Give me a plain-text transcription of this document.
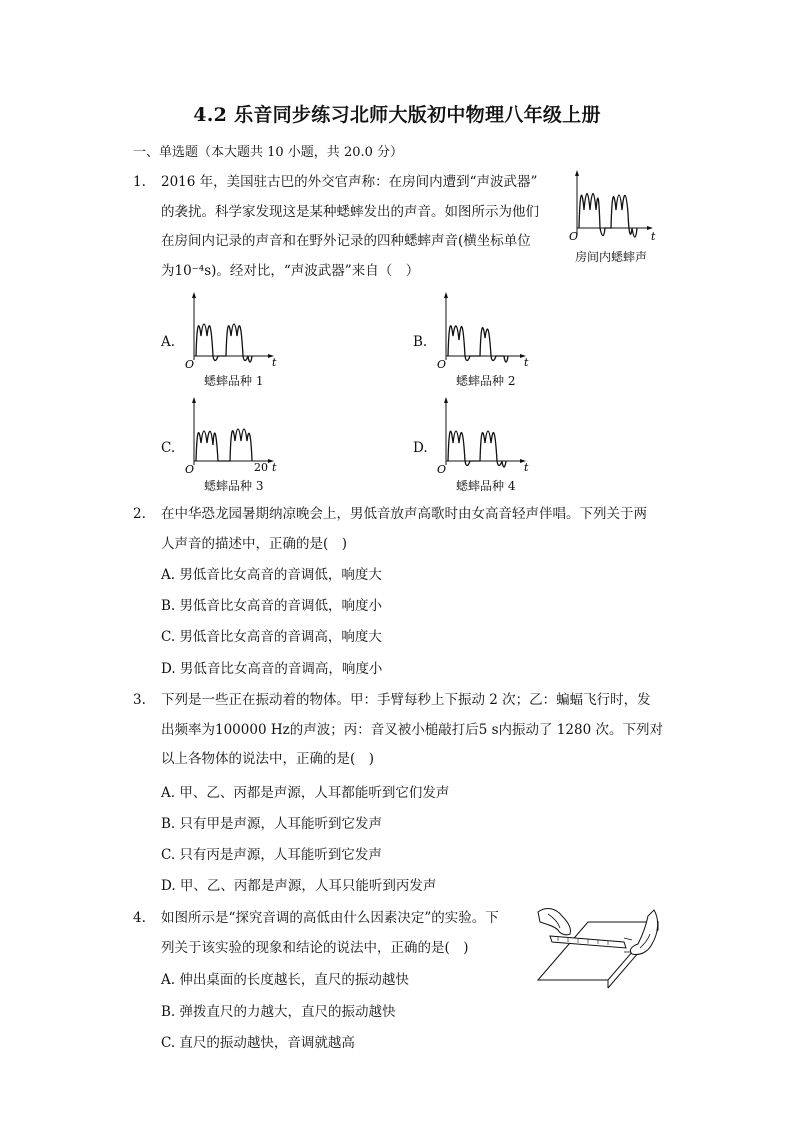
4.2 乐音同步练习北师大版初中物理八年级上册
一、单选题（本大题共 10 小题，共 20.0 分）
1.	2016 年，美国驻古巴的外交官声称：在房间内遭到“声波武器”
的袭扰。科学家发现这是某种蟋蟀发出的声音。如图所示为他们
在房间内记录的声音和在野外记录的四种蟋蟀声音(横坐标单位
为10⁻⁴s)。经对比，“声波武器”来自（　）
O	t
房间内蟋蟀声
A.
O	t
蟋蟀品种 1
B.
O	t
蟋蟀品种 2
C.
O	20 t
蟋蟀品种 3
D.
O	t
蟋蟀品种 4
2.	在中华恐龙园暑期纳凉晚会上，男低音放声高歌时由女高音轻声伴唱。下列关于两
人声音的描述中，正确的是(　)
A. 男低音比女高音的音调低，响度大
B. 男低音比女高音的音调低，响度小
C. 男低音比女高音的音调高，响度大
D. 男低音比女高音的音调高，响度小
3.	下列是一些正在振动着的物体。甲：手臂每秒上下振动 2 次；乙：蝙蝠飞行时，发
出频率为100000 Hz的声波；丙：音叉被小槌敲打后5 s内振动了 1280 次。下列对
以上各物体的说法中，正确的是(　)
A. 甲、乙、丙都是声源，人耳都能听到它们发声
B. 只有甲是声源，人耳能听到它发声
C. 只有丙是声源，人耳能听到它发声
D. 甲、乙、丙都是声源，人耳只能听到丙发声
4.	如图所示是“探究音调的高低由什么因素决定”的实验。下
列关于该实验的现象和结论的说法中，正确的是(　)
A. 伸出桌面的长度越长，直尺的振动越快
B. 弹拨直尺的力越大，直尺的振动越快
C. 直尺的振动越快，音调就越高
